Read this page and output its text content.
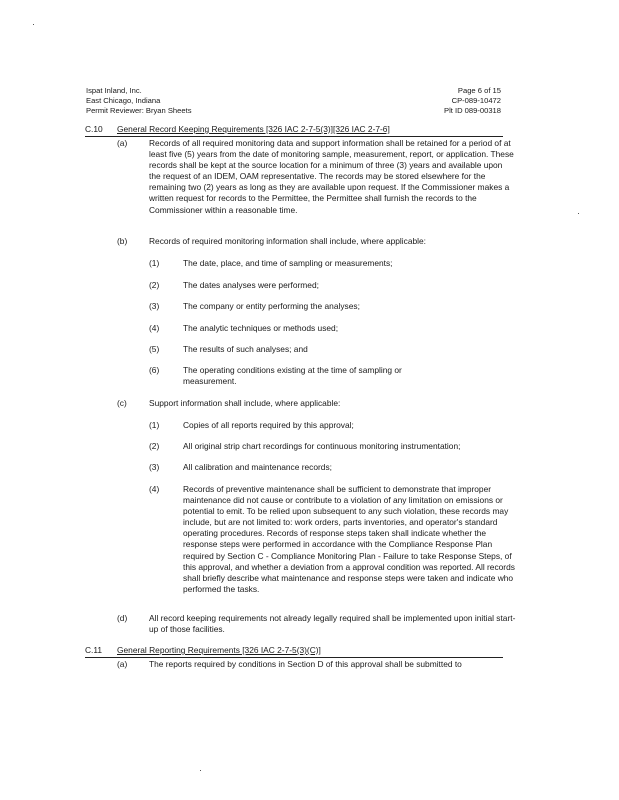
Ispat Inland, Inc.
East Chicago, Indiana
Permit Reviewer: Bryan Sheets
Page 6 of 15
CP-089-10472
Plt ID 089-00318
C.10 General Record Keeping Requirements [326 IAC 2-7-5(3)][326 IAC 2-7-6]
(a)	Records of all required monitoring data and support information shall be retained for a period of at least five (5) years from the date of monitoring sample, measurement, report, or application. These records shall be kept at the source location for a minimum of three (3) years and available upon the request of an IDEM, OAM representative. The records may be stored elsewhere for the remaining two (2) years as long as they are available upon request. If the Commissioner makes a written request for records to the Permittee, the Permittee shall furnish the records to the Commissioner within a reasonable time.
(b)	Records of required monitoring information shall include, where applicable:
(1)	The date, place, and time of sampling or measurements;
(2)	The dates analyses were performed;
(3)	The company or entity performing the analyses;
(4)	The analytic techniques or methods used;
(5)	The results of such analyses; and
(6)	The operating conditions existing at the time of sampling or measurement.
(c)	Support information shall include, where applicable:
(1)	Copies of all reports required by this approval;
(2)	All original strip chart recordings for continuous monitoring instrumentation;
(3)	All calibration and maintenance records;
(4)	Records of preventive maintenance shall be sufficient to demonstrate that improper maintenance did not cause or contribute to a violation of any limitation on emissions or potential to emit. To be relied upon subsequent to any such violation, these records may include, but are not limited to: work orders, parts inventories, and operator's standard operating procedures. Records of response steps taken shall indicate whether the response steps were performed in accordance with the Compliance Response Plan required by Section C - Compliance Monitoring Plan - Failure to take Response Steps, of this approval, and whether a deviation from a approval condition was reported. All records shall briefly describe what maintenance and response steps were taken and indicate who performed the tasks.
(d)	All record keeping requirements not already legally required shall be implemented upon initial start-up of those facilities.
C.11 General Reporting Requirements [326 IAC 2-7-5(3)(C)]
(a)	The reports required by conditions in Section D of this approval shall be submitted to
